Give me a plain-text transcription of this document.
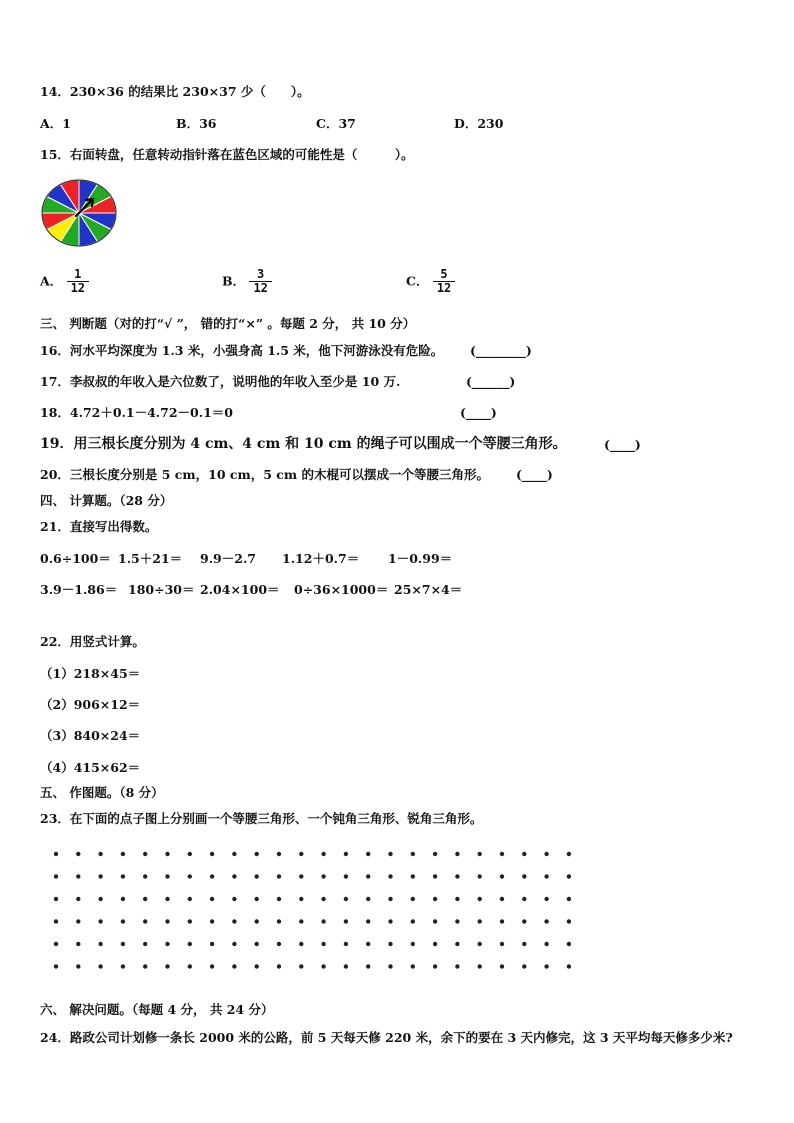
14．230×36 的结果比 230×37 少（　　）。
A．1	B．36	C．37	D．230
15．右面转盘，任意转动指针落在蓝色区域的可能性是（　　　）。
A． $\frac{1}{12}$	B． $\frac{3}{12}$	C． $\frac{5}{12}$
三、 判断题（对的打“√ ”， 错的打“×” 。每题 2 分， 共 10 分）
16．河水平均深度为 1.3 米，小强身高 1.5 米，他下河游泳没有危险。 (________)
17．李叔叔的年收入是六位数了，说明他的年收入至少是 10 万.	(______)
18．4.72＋0.1－4.72－0.1＝0	(____)
19．用三根长度分别为 4 cm、4 cm 和 10 cm 的绳子可以围成一个等腰三角形。	(____)
20．三根长度分别是 5 cm，10 cm，5 cm 的木棍可以摆成一个等腰三角形。 (____)
四、 计算题。（28 分）
21．直接写出得数。
0.6÷100＝ 1.5＋21＝ 9.9－2.7 1.12＋0.7＝ 1－0.99＝
3.9－1.86＝ 180÷30＝ 2.04×100＝ 0÷36×1000＝ 25×7×4＝
22．用竖式计算。
（1）218×45＝
（2）906×12＝
（3）840×24＝
（4）415×62＝
五、 作图题。（8 分）
23．在下面的点子图上分别画一个等腰三角形、一个钝角三角形、锐角三角形。
六、 解决问题。（每题 4 分， 共 24 分）
24．路政公司计划修一条长 2000 米的公路，前 5 天每天修 220 米，余下的要在 3 天内修完，这 3 天平均每天修多少米?
